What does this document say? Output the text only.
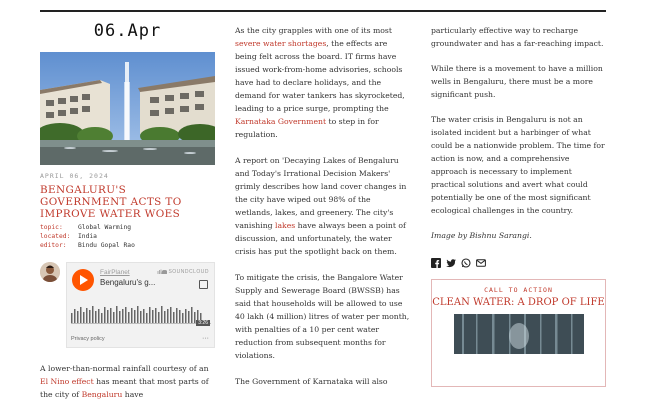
06.Apr
APRIL 06, 2024
BENGALURU'S GOVERNMENT ACTS TO IMPROVE WATER WOES
topic:	Global Warming
located:	India
editor:	Bindu Gopal Rao
FairPlanet
Bengaluru's g...
SOUNDCLOUD
3:26
Privacy policy	···

A lower-than-normal rainfall courtesy of an El Nino effect has meant that most parts of the city of Bengaluru have

As the city grapples with one of its most severe water shortages, the effects are being felt across the board. IT firms have issued work-from-home advisories, schools have had to declare holidays, and the demand for water tankers has skyrocketed, leading to a price surge, prompting the Karnataka Government to step in for regulation.

A report on 'Decaying Lakes of Bengaluru and Today's Irrational Decision Makers' grimly describes how land cover changes in the city have wiped out 98% of the wetlands, lakes, and greenery. The city's vanishing lakes have always been a point of discussion, and unfortunately, the water crisis has put the spotlight back on them.

To mitigate the crisis, the Bangalore Water Supply and Sewerage Board (BWSSB) has said that households will be allowed to use 40 lakh (4 million) litres of water per month, with penalties of a 10 per cent water reduction from subsequent months for violations.

The Government of Karnataka will also

particularly effective way to recharge groundwater and has a far-reaching impact.

While there is a movement to have a million wells in Bengaluru, there must be a more significant push.

The water crisis in Bengaluru is not an isolated incident but a harbinger of what could be a nationwide problem. The time for action is now, and a comprehensive approach is necessary to implement practical solutions and avert what could potentially be one of the most significant ecological challenges in the country.

Image by Bishnu Sarangi.

CALL TO ACTION
CLEAN WATER: A DROP OF LIFE
